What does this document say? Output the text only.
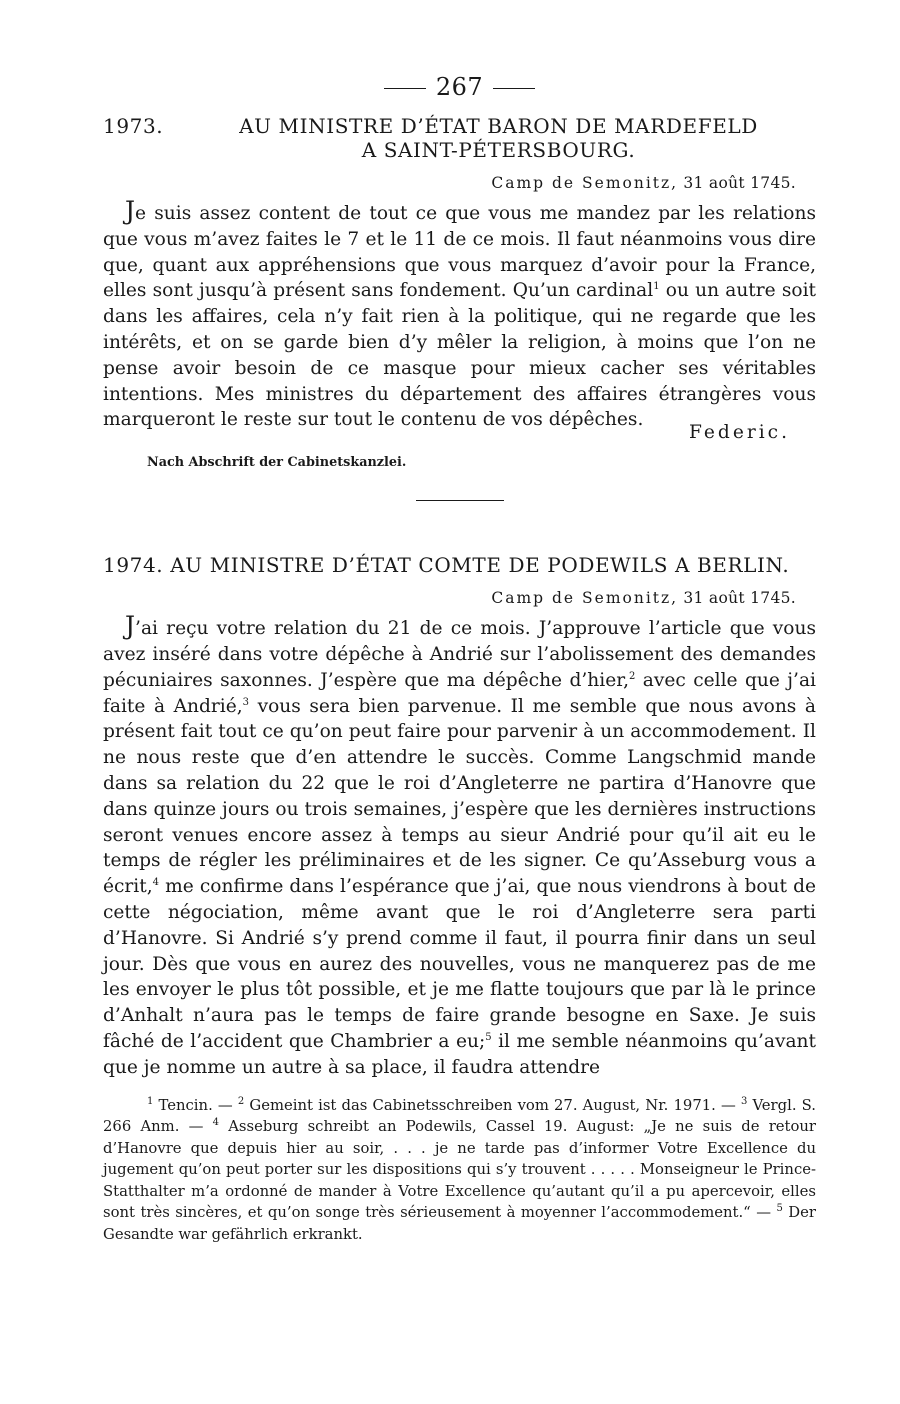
267
1973.	AU MINISTRE D’ÉTAT BARON DE MARDEFELD
A SAINT-PÉTERSBOURG.
Camp de Semonitz, 31 août 1745.

Je suis assez content de tout ce que vous me mandez par les relations que vous m’avez faites le 7 et le 11 de ce mois. Il faut néanmoins vous dire que, quant aux appréhensions que vous marquez d’avoir pour la France, elles sont jusqu’à présent sans fondement. Qu’un cardinal$^1$ ou un autre soit dans les affaires, cela n’y fait rien à la politique, qui ne regarde que les intérêts, et on se garde bien d’y mêler la religion, à moins que l’on ne pense avoir besoin de ce masque pour mieux cacher ses véritables intentions. Mes ministres du département des affaires étrangères vous marqueront le reste sur tout le contenu de vos dépêches.

Federic.
Nach Abschrift der Cabinetskanzlei.
1974. AU MINISTRE D’ÉTAT COMTE DE PODEWILS A BERLIN.
Camp de Semonitz, 31 août 1745.

J’ai reçu votre relation du 21 de ce mois. J’approuve l’article que vous avez inséré dans votre dépêche à Andrié sur l’abolissement des demandes pécuniaires saxonnes. J’espère que ma dépêche d’hier,$^2$ avec celle que j’ai faite à Andrié,$^3$ vous sera bien parvenue. Il me semble que nous avons à présent fait tout ce qu’on peut faire pour parvenir à un accommodement. Il ne nous reste que d’en attendre le succès. Comme Langschmid mande dans sa relation du 22 que le roi d’Angleterre ne partira d’Hanovre que dans quinze jours ou trois semaines, j’espère que les dernières instructions seront venues encore assez à temps au sieur Andrié pour qu’il ait eu le temps de régler les préliminaires et de les signer. Ce qu’Asseburg vous a écrit,$^4$ me confirme dans l’espérance que j’ai, que nous viendrons à bout de cette négociation, même avant que le roi d’Angleterre sera parti d’Hanovre. Si Andrié s’y prend comme il faut, il pourra finir dans un seul jour. Dès que vous en aurez des nouvelles, vous ne manquerez pas de me les envoyer le plus tôt possible, et je me flatte toujours que par là le prince d’Anhalt n’aura pas le temps de faire grande besogne en Saxe. Je suis fâché de l’accident que Chambrier a eu;$^5$ il me semble néanmoins qu’avant que je nomme un autre à sa place, il faudra attendre

$^1$ Tencin. — $^2$ Gemeint ist das Cabinetsschreiben vom 27. August, Nr. 1971. — $^3$ Vergl. S. 266 Anm. — $^4$ Asseburg schreibt an Podewils, Cassel 19. August: „Je ne suis de retour d’Hanovre que depuis hier au soir, . . . je ne tarde pas d’informer Votre Excellence du jugement qu’on peut porter sur les dispositions qui s’y trouvent . . . . . Monseigneur le Prince-Statthalter m’a ordonné de mander à Votre Excellence qu’autant qu’il a pu apercevoir, elles sont très sincères, et qu’on songe très sérieusement à moyenner l’accommodement.“ — $^5$ Der Gesandte war gefährlich erkrankt.
